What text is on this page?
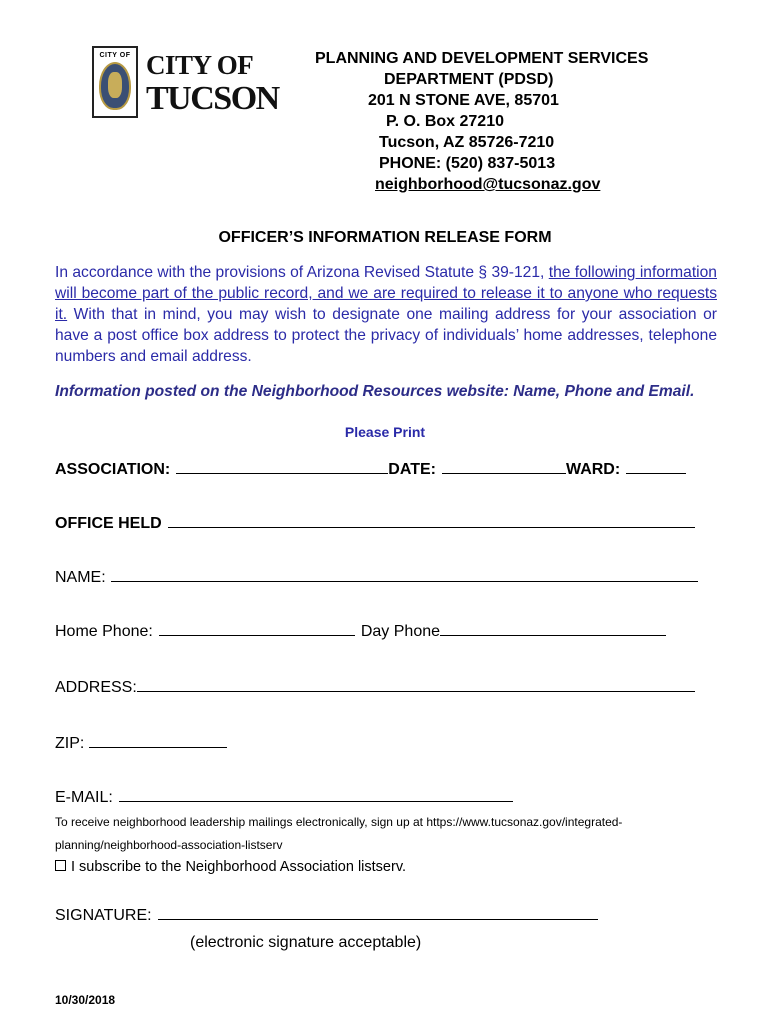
CITY OF CITY OF
TUCSON
PLANNING AND DEVELOPMENT SERVICES
DEPARTMENT (PDSD)
201 N STONE AVE, 85701
P. O. Box 27210
Tucson, AZ 85726-7210
PHONE: (520) 837-5013
neighborhood@tucsonaz.gov
OFFICER’S INFORMATION RELEASE FORM
In accordance with the provisions of Arizona Revised Statute § 39-121, the following information will become part of the public record, and we are required to release it to anyone who requests it. With that in mind, you may wish to designate one mailing address for your association or have a post office box address to protect the privacy of individuals’ home addresses, telephone numbers and email address.
Information posted on the Neighborhood Resources website: Name, Phone and Email.
Please Print
ASSOCIATION:	DATE:	WARD:
OFFICE HELD
NAME:
Home Phone:	Day Phone
ADDRESS:
ZIP:
E-MAIL:
To receive neighborhood leadership mailings electronically, sign up at https://www.tucsonaz.gov/integrated-
planning/neighborhood-association-listserv
I subscribe to the Neighborhood Association listserv.
SIGNATURE:
(electronic signature acceptable)
10/30/2018
